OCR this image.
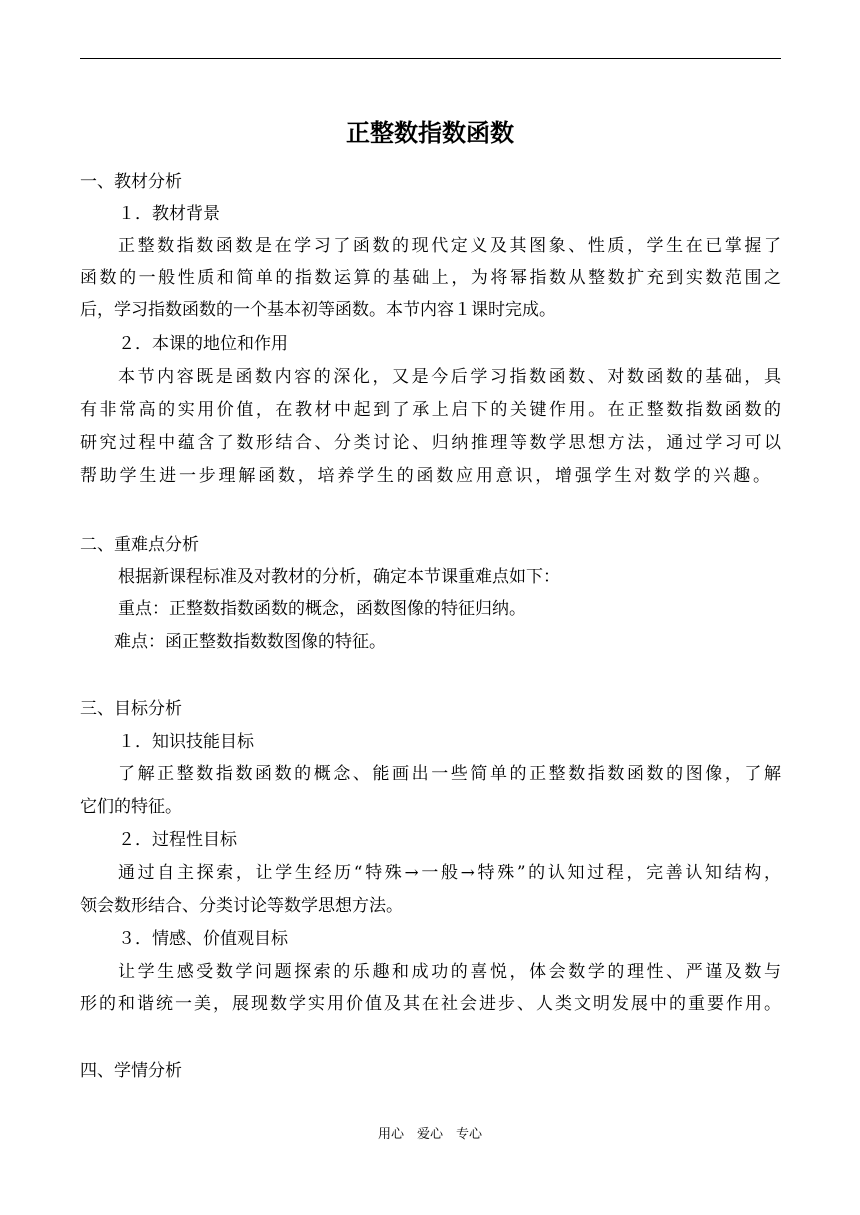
正整数指数函数
一、教材分析
１．教材背景
正整数指数函数是在学习了函数的现代定义及其图象、性质，学生在已掌握了
函数的一般性质和简单的指数运算的基础上，为将幂指数从整数扩充到实数范围之
后，学习指数函数的一个基本初等函数。本节内容１课时完成。
２．本课的地位和作用
本节内容既是函数内容的深化，又是今后学习指数函数、对数函数的基础，具
有非常高的实用价值，在教材中起到了承上启下的关键作用。在正整数指数函数的
研究过程中蕴含了数形结合、分类讨论、归纳推理等数学思想方法，通过学习可以
帮助学生进一步理解函数，培养学生的函数应用意识，增强学生对数学的兴趣。
二、重难点分析
根据新课程标准及对教材的分析，确定本节课重难点如下：
重点：正整数指数函数的概念，函数图像的特征归纳。
难点：函正整数指数数图像的特征。
三、目标分析
１．知识技能目标
了解正整数指数函数的概念、能画出一些简单的正整数指数函数的图像，了解
它们的特征。
２．过程性目标
通过自主探索，让学生经历“特殊→一般→特殊”的认知过程，完善认知结构，
领会数形结合、分类讨论等数学思想方法。
３．情感、价值观目标
让学生感受数学问题探索的乐趣和成功的喜悦，体会数学的理性、严谨及数与
形的和谐统一美，展现数学实用价值及其在社会进步、人类文明发展中的重要作用。
四、学情分析
用心　爱心　专心
